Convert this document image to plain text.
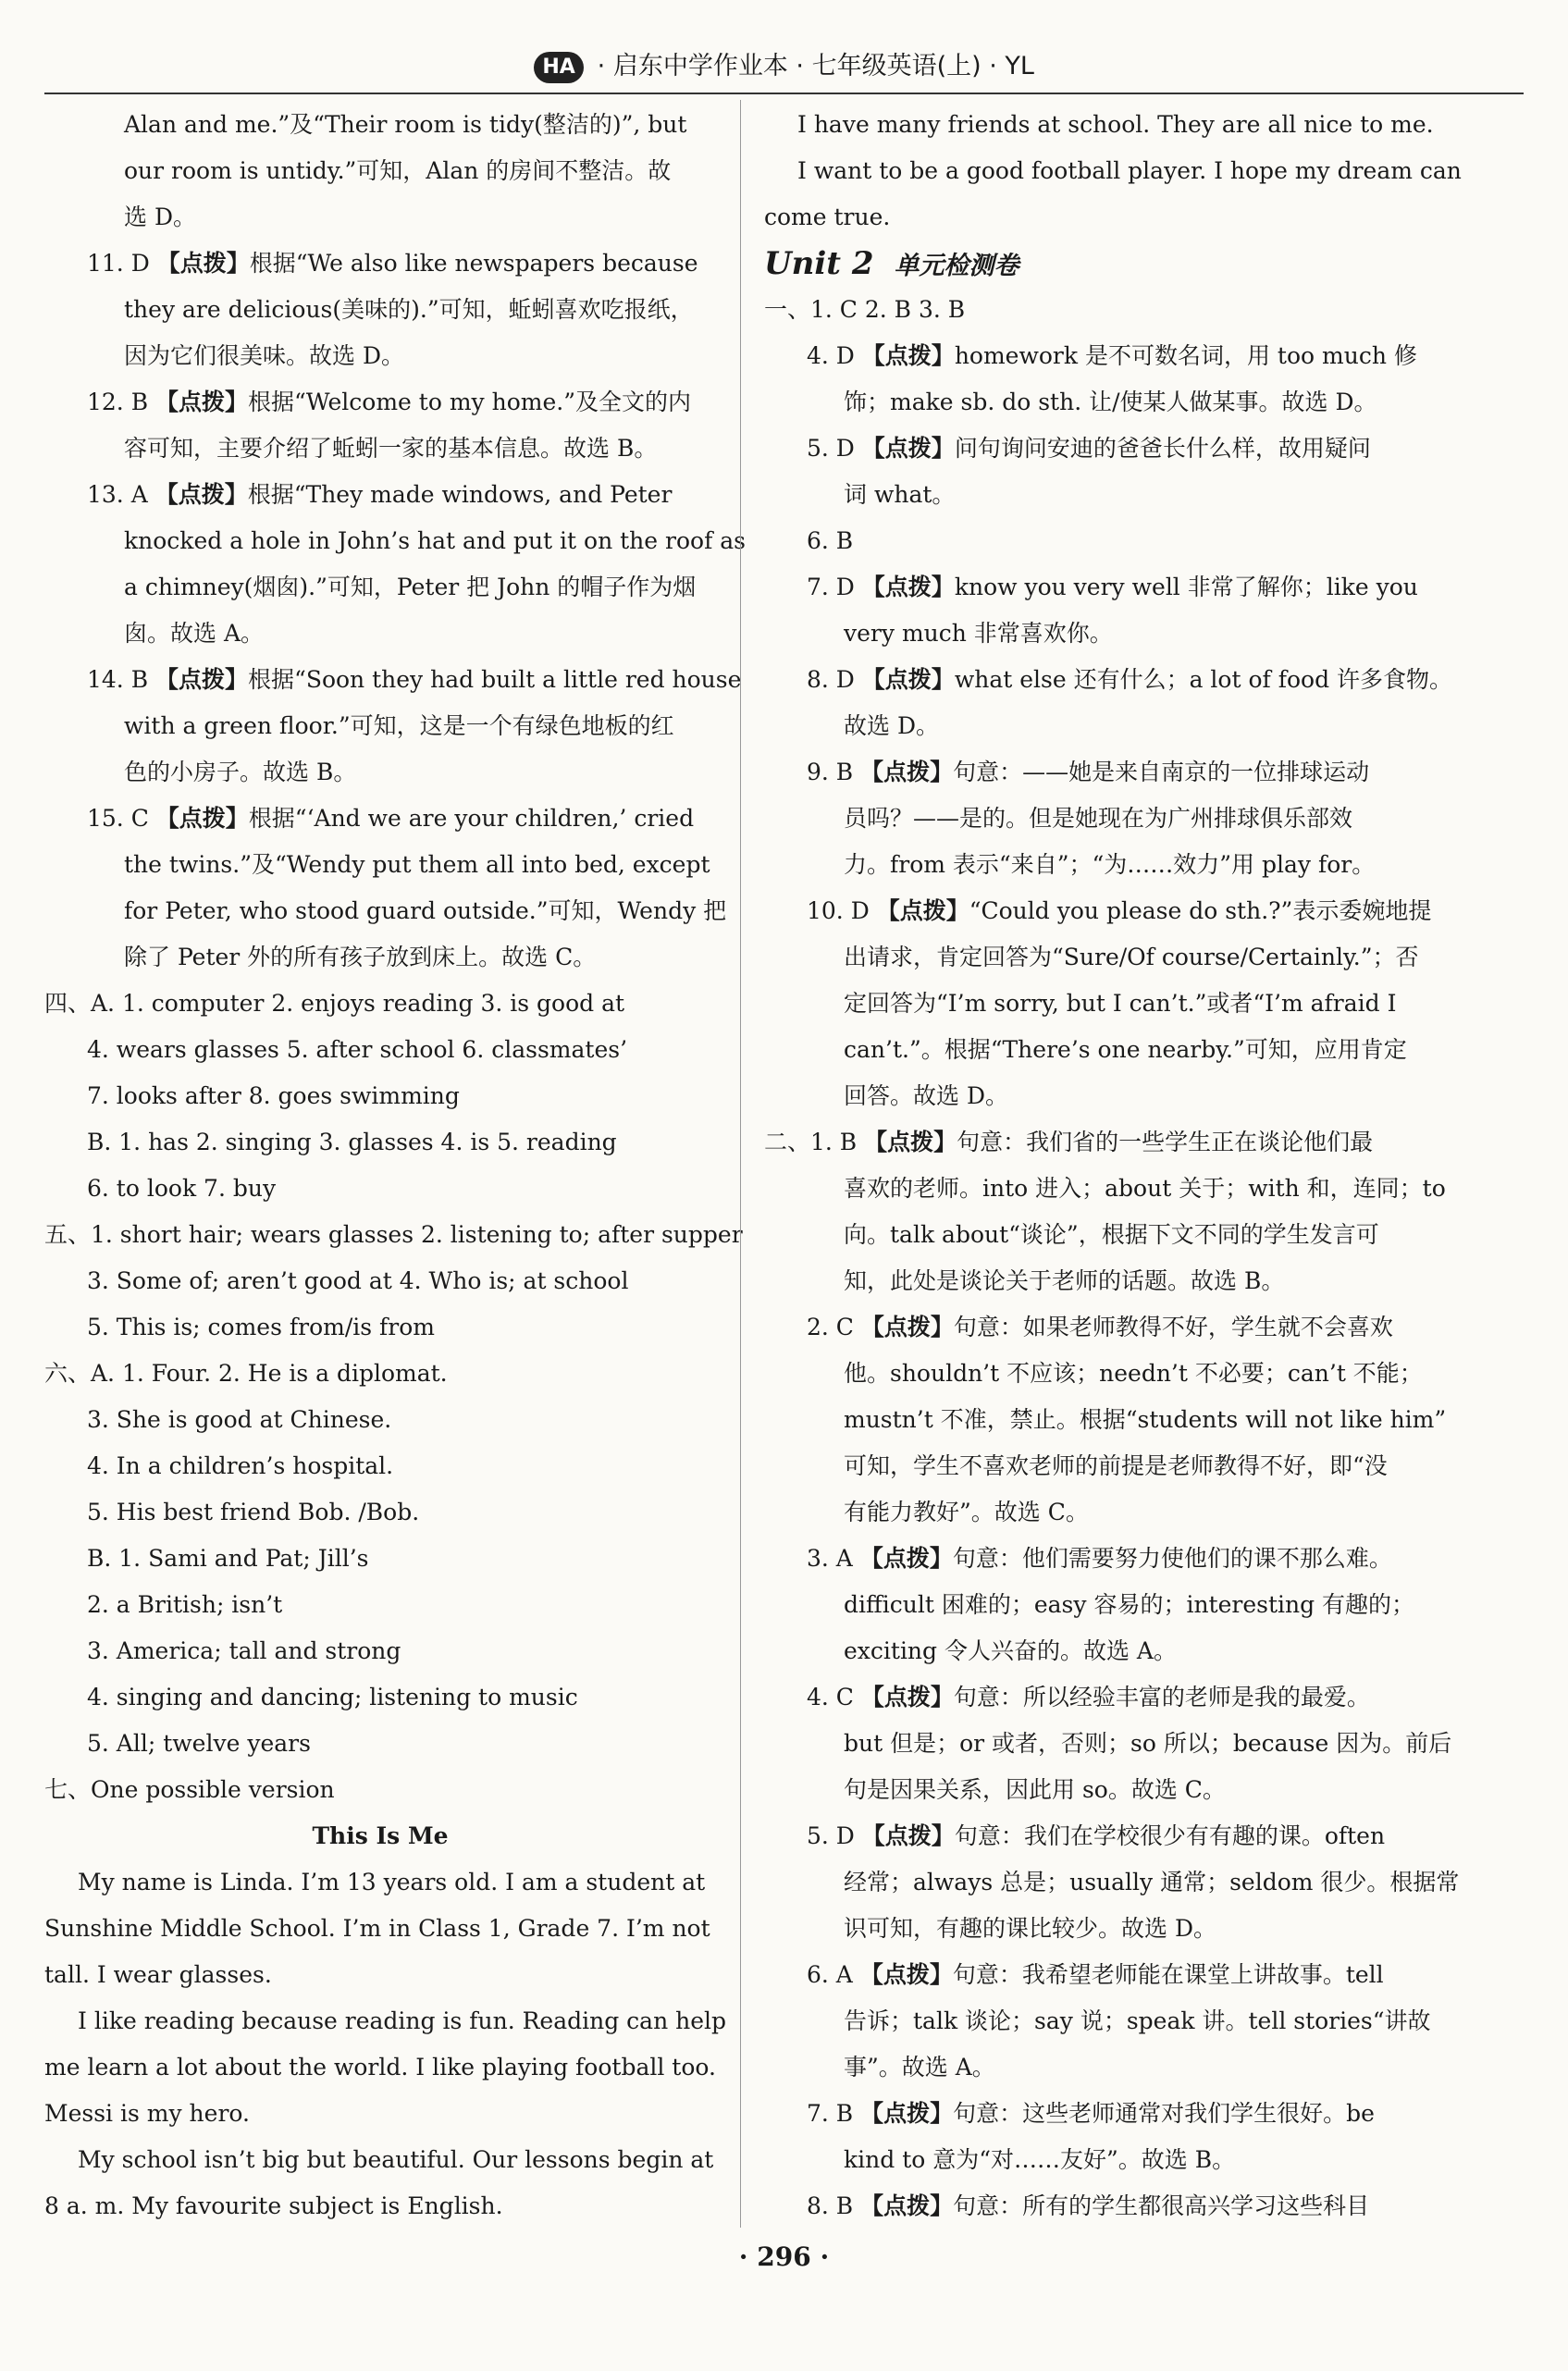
HA · 启东中学作业本 · 七年级英语(上) · YL
Alan and me.”及“Their room is tidy(整洁的)”, but
our room is untidy.”可知，Alan 的房间不整洁。故
选 D。
11. D 【点拨】根据“We also like newspapers because
they are delicious(美味的).”可知，蚯蚓喜欢吃报纸，
因为它们很美味。故选 D。
12. B 【点拨】根据“Welcome to my home.”及全文的内
容可知，主要介绍了蚯蚓一家的基本信息。故选 B。
13. A 【点拨】根据“They made windows, and Peter
knocked a hole in John’s hat and put it on the roof as
a chimney(烟囱).”可知，Peter 把 John 的帽子作为烟
囱。故选 A。
14. B 【点拨】根据“Soon they had built a little red house
with a green floor.”可知，这是一个有绿色地板的红
色的小房子。故选 B。
15. C 【点拨】根据“‘And we are your children,’ cried
the twins.”及“Wendy put them all into bed, except
for Peter, who stood guard outside.”可知，Wendy 把
除了 Peter 外的所有孩子放到床上。故选 C。
四、A. 1. computer 2. enjoys reading 3. is good at
4. wears glasses 5. after school 6. classmates’
7. looks after 8. goes swimming
B. 1. has 2. singing 3. glasses 4. is 5. reading
6. to look 7. buy
五、1. short hair; wears glasses 2. listening to; after supper
3. Some of; aren’t good at 4. Who is; at school
5. This is; comes from/is from
六、A. 1. Four. 2. He is a diplomat.
3. She is good at Chinese.
4. In a children’s hospital.
5. His best friend Bob. /Bob.
B. 1. Sami and Pat; Jill’s
2. a British; isn’t
3. America; tall and strong
4. singing and dancing; listening to music
5. All; twelve years
七、One possible version
This Is Me
My name is Linda. I’m 13 years old. I am a student at
Sunshine Middle School. I’m in Class 1, Grade 7. I’m not
tall. I wear glasses.
I like reading because reading is fun. Reading can help
me learn a lot about the world. I like playing football too.
Messi is my hero.
My school isn’t big but beautiful. Our lessons begin at
8 a. m. My favourite subject is English.
I have many friends at school. They are all nice to me.
I want to be a good football player. I hope my dream can
come true.
Unit 2 单元检测卷
一、1. C 2. B 3. B
4. D 【点拨】homework 是不可数名词，用 too much 修
饰；make sb. do sth. 让/使某人做某事。故选 D。
5. D 【点拨】问句询问安迪的爸爸长什么样，故用疑问
词 what。
6. B
7. D 【点拨】know you very well 非常了解你；like you
very much 非常喜欢你。
8. D 【点拨】what else 还有什么；a lot of food 许多食物。
故选 D。
9. B 【点拨】句意：——她是来自南京的一位排球运动
员吗？——是的。但是她现在为广州排球俱乐部效
力。from 表示“来自”；“为……效力”用 play for。
10. D 【点拨】“Could you please do sth.?”表示委婉地提
出请求，肯定回答为“Sure/Of course/Certainly.”；否
定回答为“I’m sorry, but I can’t.”或者“I’m afraid I
can’t.”。根据“There’s one nearby.”可知，应用肯定
回答。故选 D。
二、1. B 【点拨】句意：我们省的一些学生正在谈论他们最
喜欢的老师。into 进入；about 关于；with 和，连同；to
向。talk about“谈论”，根据下文不同的学生发言可
知，此处是谈论关于老师的话题。故选 B。
2. C 【点拨】句意：如果老师教得不好，学生就不会喜欢
他。shouldn’t 不应该；needn’t 不必要；can’t 不能；
mustn’t 不准，禁止。根据“students will not like him”
可知，学生不喜欢老师的前提是老师教得不好，即“没
有能力教好”。故选 C。
3. A 【点拨】句意：他们需要努力使他们的课不那么难。
difficult 困难的；easy 容易的；interesting 有趣的；
exciting 令人兴奋的。故选 A。
4. C 【点拨】句意：所以经验丰富的老师是我的最爱。
but 但是；or 或者，否则；so 所以；because 因为。前后
句是因果关系，因此用 so。故选 C。
5. D 【点拨】句意：我们在学校很少有有趣的课。often
经常；always 总是；usually 通常；seldom 很少。根据常
识可知，有趣的课比较少。故选 D。
6. A 【点拨】句意：我希望老师能在课堂上讲故事。tell
告诉；talk 谈论；say 说；speak 讲。tell stories“讲故
事”。故选 A。
7. B 【点拨】句意：这些老师通常对我们学生很好。be
kind to 意为“对……友好”。故选 B。
8. B 【点拨】句意：所有的学生都很高兴学习这些科目
· 296 ·
